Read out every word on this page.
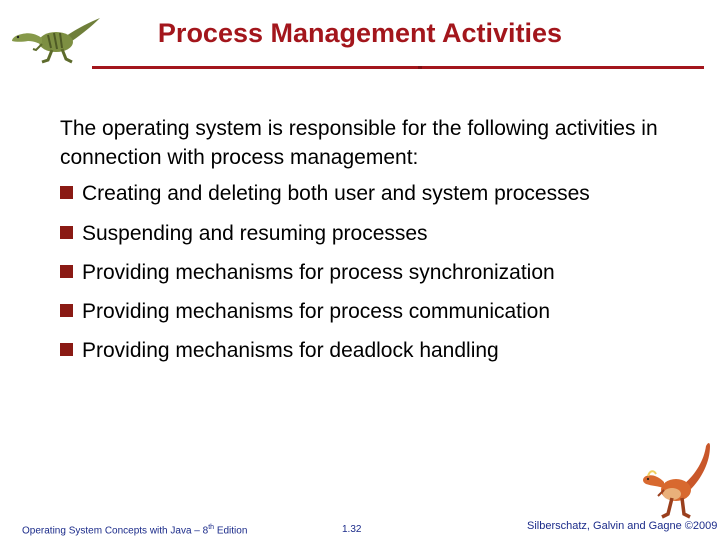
Process Management Activities
The operating system is responsible for the following activities in connection with process management:
Creating and deleting both user and system processes
Suspending and resuming processes
Providing mechanisms for process synchronization
Providing mechanisms for process communication
Providing mechanisms for deadlock handling
Operating System Concepts with Java – 8th Edition	1.32	Silberschatz, Galvin and Gagne ©2009
